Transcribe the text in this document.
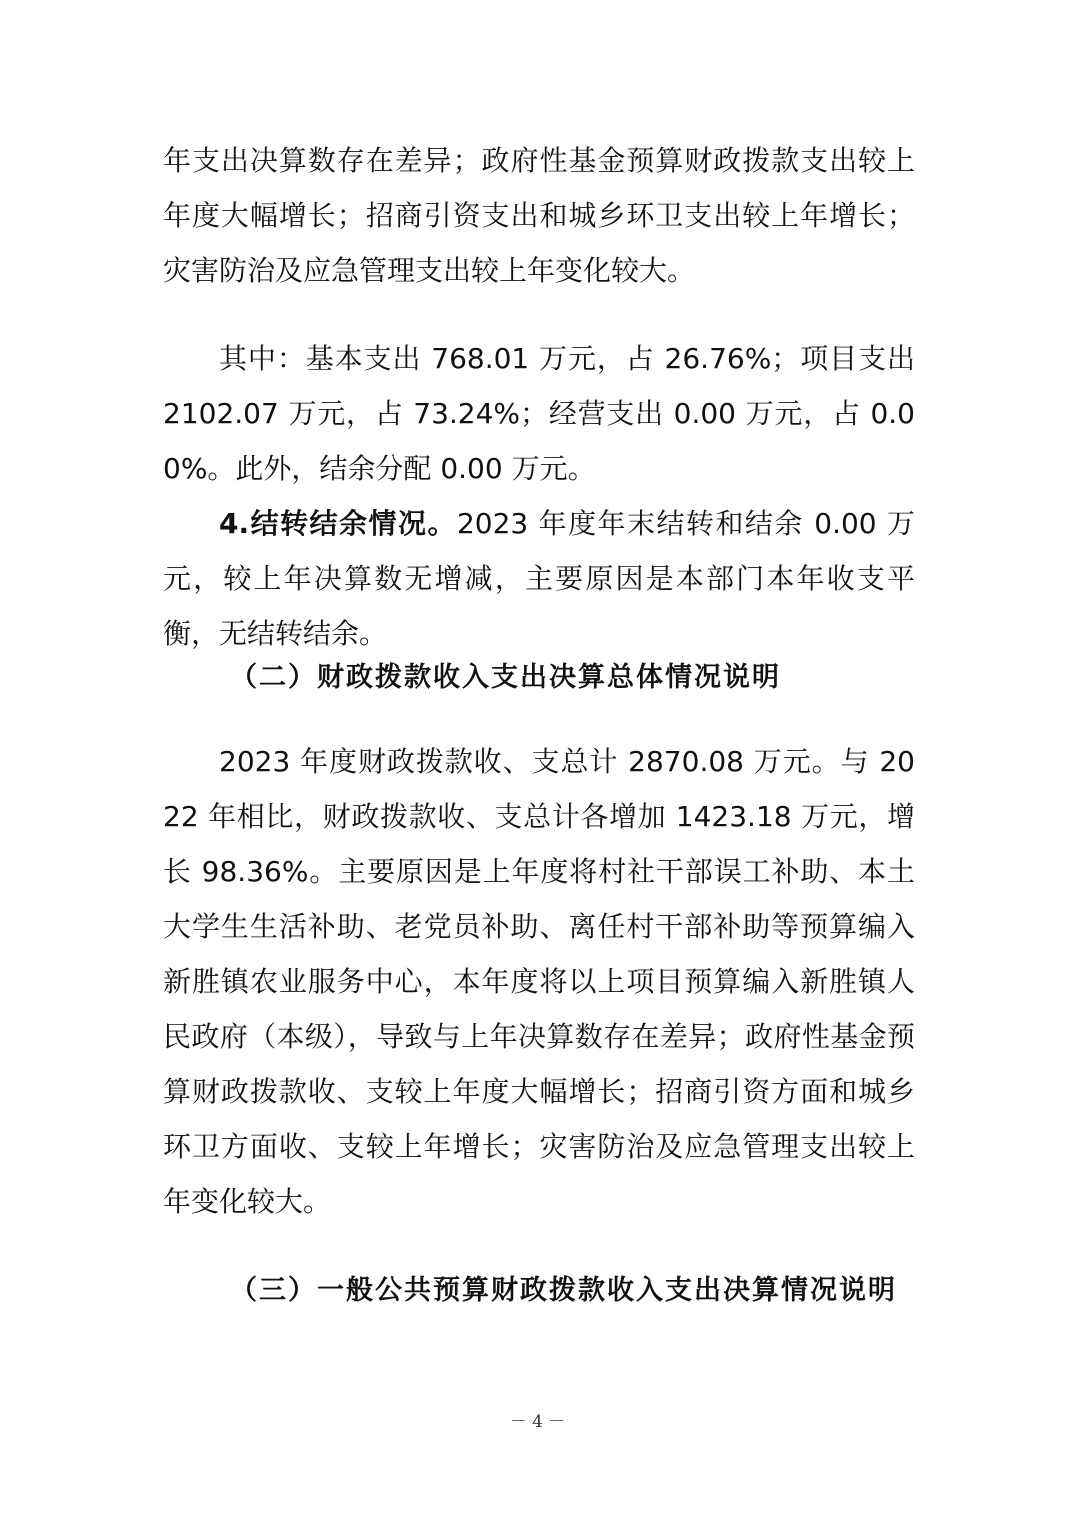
年支出决算数存在差异；政府性基金预算财政拨款支出较上年度大幅增长；招商引资支出和城乡环卫支出较上年增长；灾害防治及应急管理支出较上年变化较大。

其中：基本支出 768.01 万元，占 26.76%；项目支出 2102.07 万元，占 73.24%；经营支出 0.00 万元，占 0.00%。此外，结余分配 0.00 万元。

4.结转结余情况。2023 年度年末结转和结余 0.00 万元，较上年决算数无增减，主要原因是本部门本年收支平衡，无结转结余。

（二）财政拨款收入支出决算总体情况说明

2023 年度财政拨款收、支总计 2870.08 万元。与 2022 年相比，财政拨款收、支总计各增加 1423.18 万元，增长 98.36%。主要原因是上年度将村社干部误工补助、本土大学生生活补助、老党员补助、离任村干部补助等预算编入新胜镇农业服务中心，本年度将以上项目预算编入新胜镇人民政府（本级），导致与上年决算数存在差异；政府性基金预算财政拨款收、支较上年度大幅增长；招商引资方面和城乡环卫方面收、支较上年增长；灾害防治及应急管理支出较上年变化较大。

（三）一般公共预算财政拨款收入支出决算情况说明
－ 4 －
